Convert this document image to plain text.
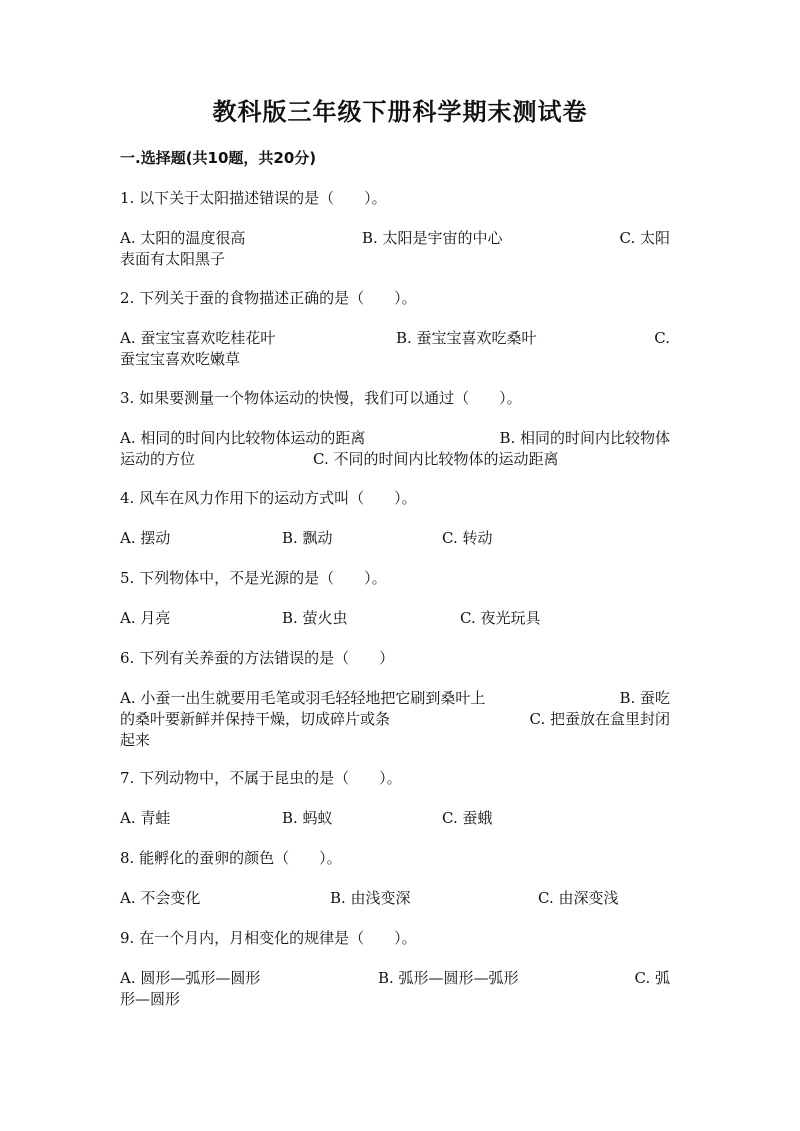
教科版三年级下册科学期末测试卷
一.选择题(共10题，共20分)
1. 以下关于太阳描述错误的是（　　）。
A. 太阳的温度很高	B. 太阳是宇宙的中心	C. 太阳
表面有太阳黑子
2. 下列关于蚕的食物描述正确的是（　　）。
A. 蚕宝宝喜欢吃桂花叶	B. 蚕宝宝喜欢吃桑叶	C.
蚕宝宝喜欢吃嫩草
3. 如果要测量一个物体运动的快慢，我们可以通过（　　）。
A. 相同的时间内比较物体运动的距离	B. 相同的时间内比较物体
运动的方位	C. 不同的时间内比较物体的运动距离
4. 风车在风力作用下的运动方式叫（　　）。
A. 摆动	B. 飘动	C. 转动
5. 下列物体中，不是光源的是（　　）。
A. 月亮	B. 萤火虫	C. 夜光玩具
6. 下列有关养蚕的方法错误的是（　　）
A. 小蚕一出生就要用毛笔或羽毛轻轻地把它刷到桑叶上	B. 蚕吃
的桑叶要新鲜并保持干燥，切成碎片或条	C. 把蚕放在盒里封闭
起来
7. 下列动物中，不属于昆虫的是（　　）。
A. 青蛙	B. 蚂蚁	C. 蚕蛾
8. 能孵化的蚕卵的颜色（　　）。
A. 不会变化	B. 由浅变深	C. 由深变浅
9. 在一个月内，月相变化的规律是（　　）。
A. 圆形—弧形—圆形	B. 弧形—圆形—弧形	C. 弧
形—圆形
